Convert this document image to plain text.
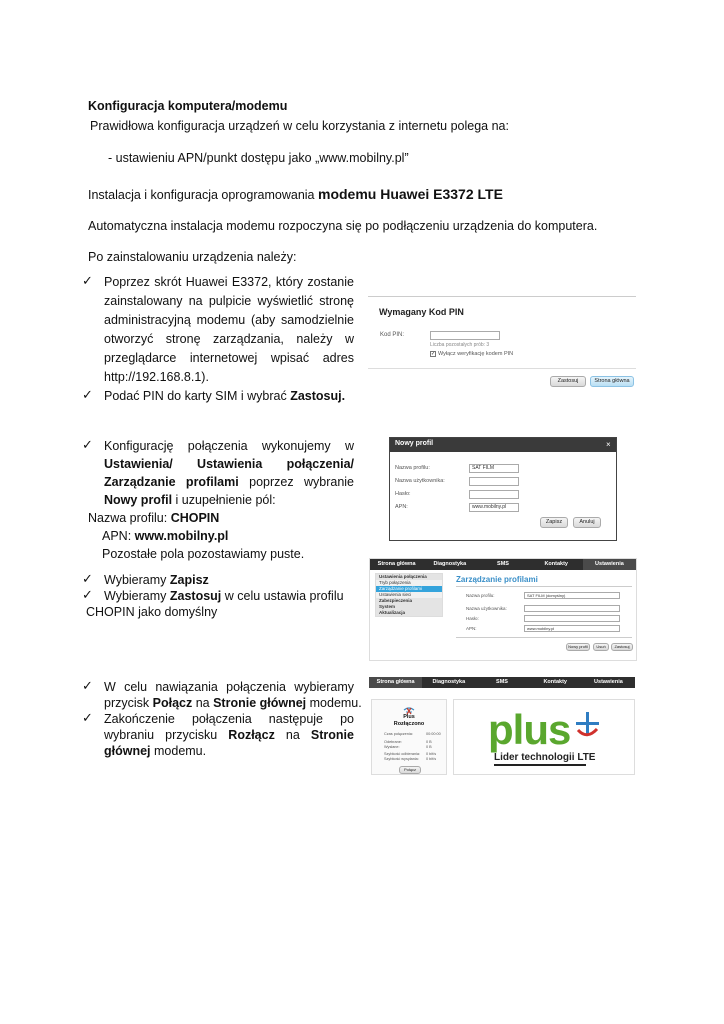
Konfiguracja komputera/modemu
Prawidłowa konfiguracja urządzeń w celu korzystania z internetu polega na:
- ustawieniu APN/punkt dostępu jako „www.mobilny.pl”
Instalacja i konfiguracja oprogramowania modemu Huawei E3372 LTE
Automatyczna instalacja modemu rozpoczyna się po podłączeniu urządzenia do komputera.
Po zainstalowaniu urządzenia należy:
✓ Poprzez skrót Huawei E3372, który zostanie
zainstalowany na pulpicie wyświetlić stronę
administracyjną modemu (aby samodzielnie
otworzyć stronę zarządzania, należy w
przeglądarce internetowej wpisać adres
http://192.168.8.1).
✓ Podać PIN do karty SIM i wybrać Zastosuj.
Wymagany Kod PIN
Kod PIN:
Liczba pozostałych prób: 3
✓ Wyłącz weryfikację kodem PIN
Zastosuj	Strona główna
✓ Konfigurację połączenia wykonujemy w
Ustawienia/ Ustawienia połączenia/
Zarządzanie profilami poprzez wybranie
Nowy profil i uzupełnienie pól:
Nazwa profilu: CHOPIN
APN: www.mobilny.pl
Pozostałe pola pozostawiamy puste.
Nowy profil	×
Nazwa profilu:	SAT FILM
Nazwa użytkownika:
Hasło:
APN:	www.mobilny.pl
Zapisz	Anuluj
✓ Wybieramy Zapisz
✓ Wybieramy Zastosuj w celu ustawia profilu
CHOPIN jako domyślny
Strona główna	Diagnostyka	SMS	Kontakty	Ustawienia
Ustawienia połączenia
Tryb połączenia
Zarządzanie profilami
Ustawienia sieci
Zabezpieczenia
System
Aktualizacja
Zarządzanie profilami
Nazwa profilu:	SAT FILM (domyślny)
Nazwa użytkownika:
Hasło:
APN:	www.mobilny.pl
Nowy profil	Usuń	Zastosuj
✓ W celu nawiązania połączenia wybieramy
przycisk Połącz na Stronie głównej modemu.
✓ Zakończenie połączenia następuje po
wybraniu przycisku Rozłącz na Stronie
głównej modemu.
Strona główna	Diagnostyka	SMS	Kontakty	Ustawienia
Plus
Rozłączono
Czas połączenia:	00:00:00
Odebrane:	0 B
Wysłane:	0 B
Szybkość odbierania: 0 bit/s
Szybkość wysyłania: 0 bit/s
Połącz
plus
Lider technologii LTE
